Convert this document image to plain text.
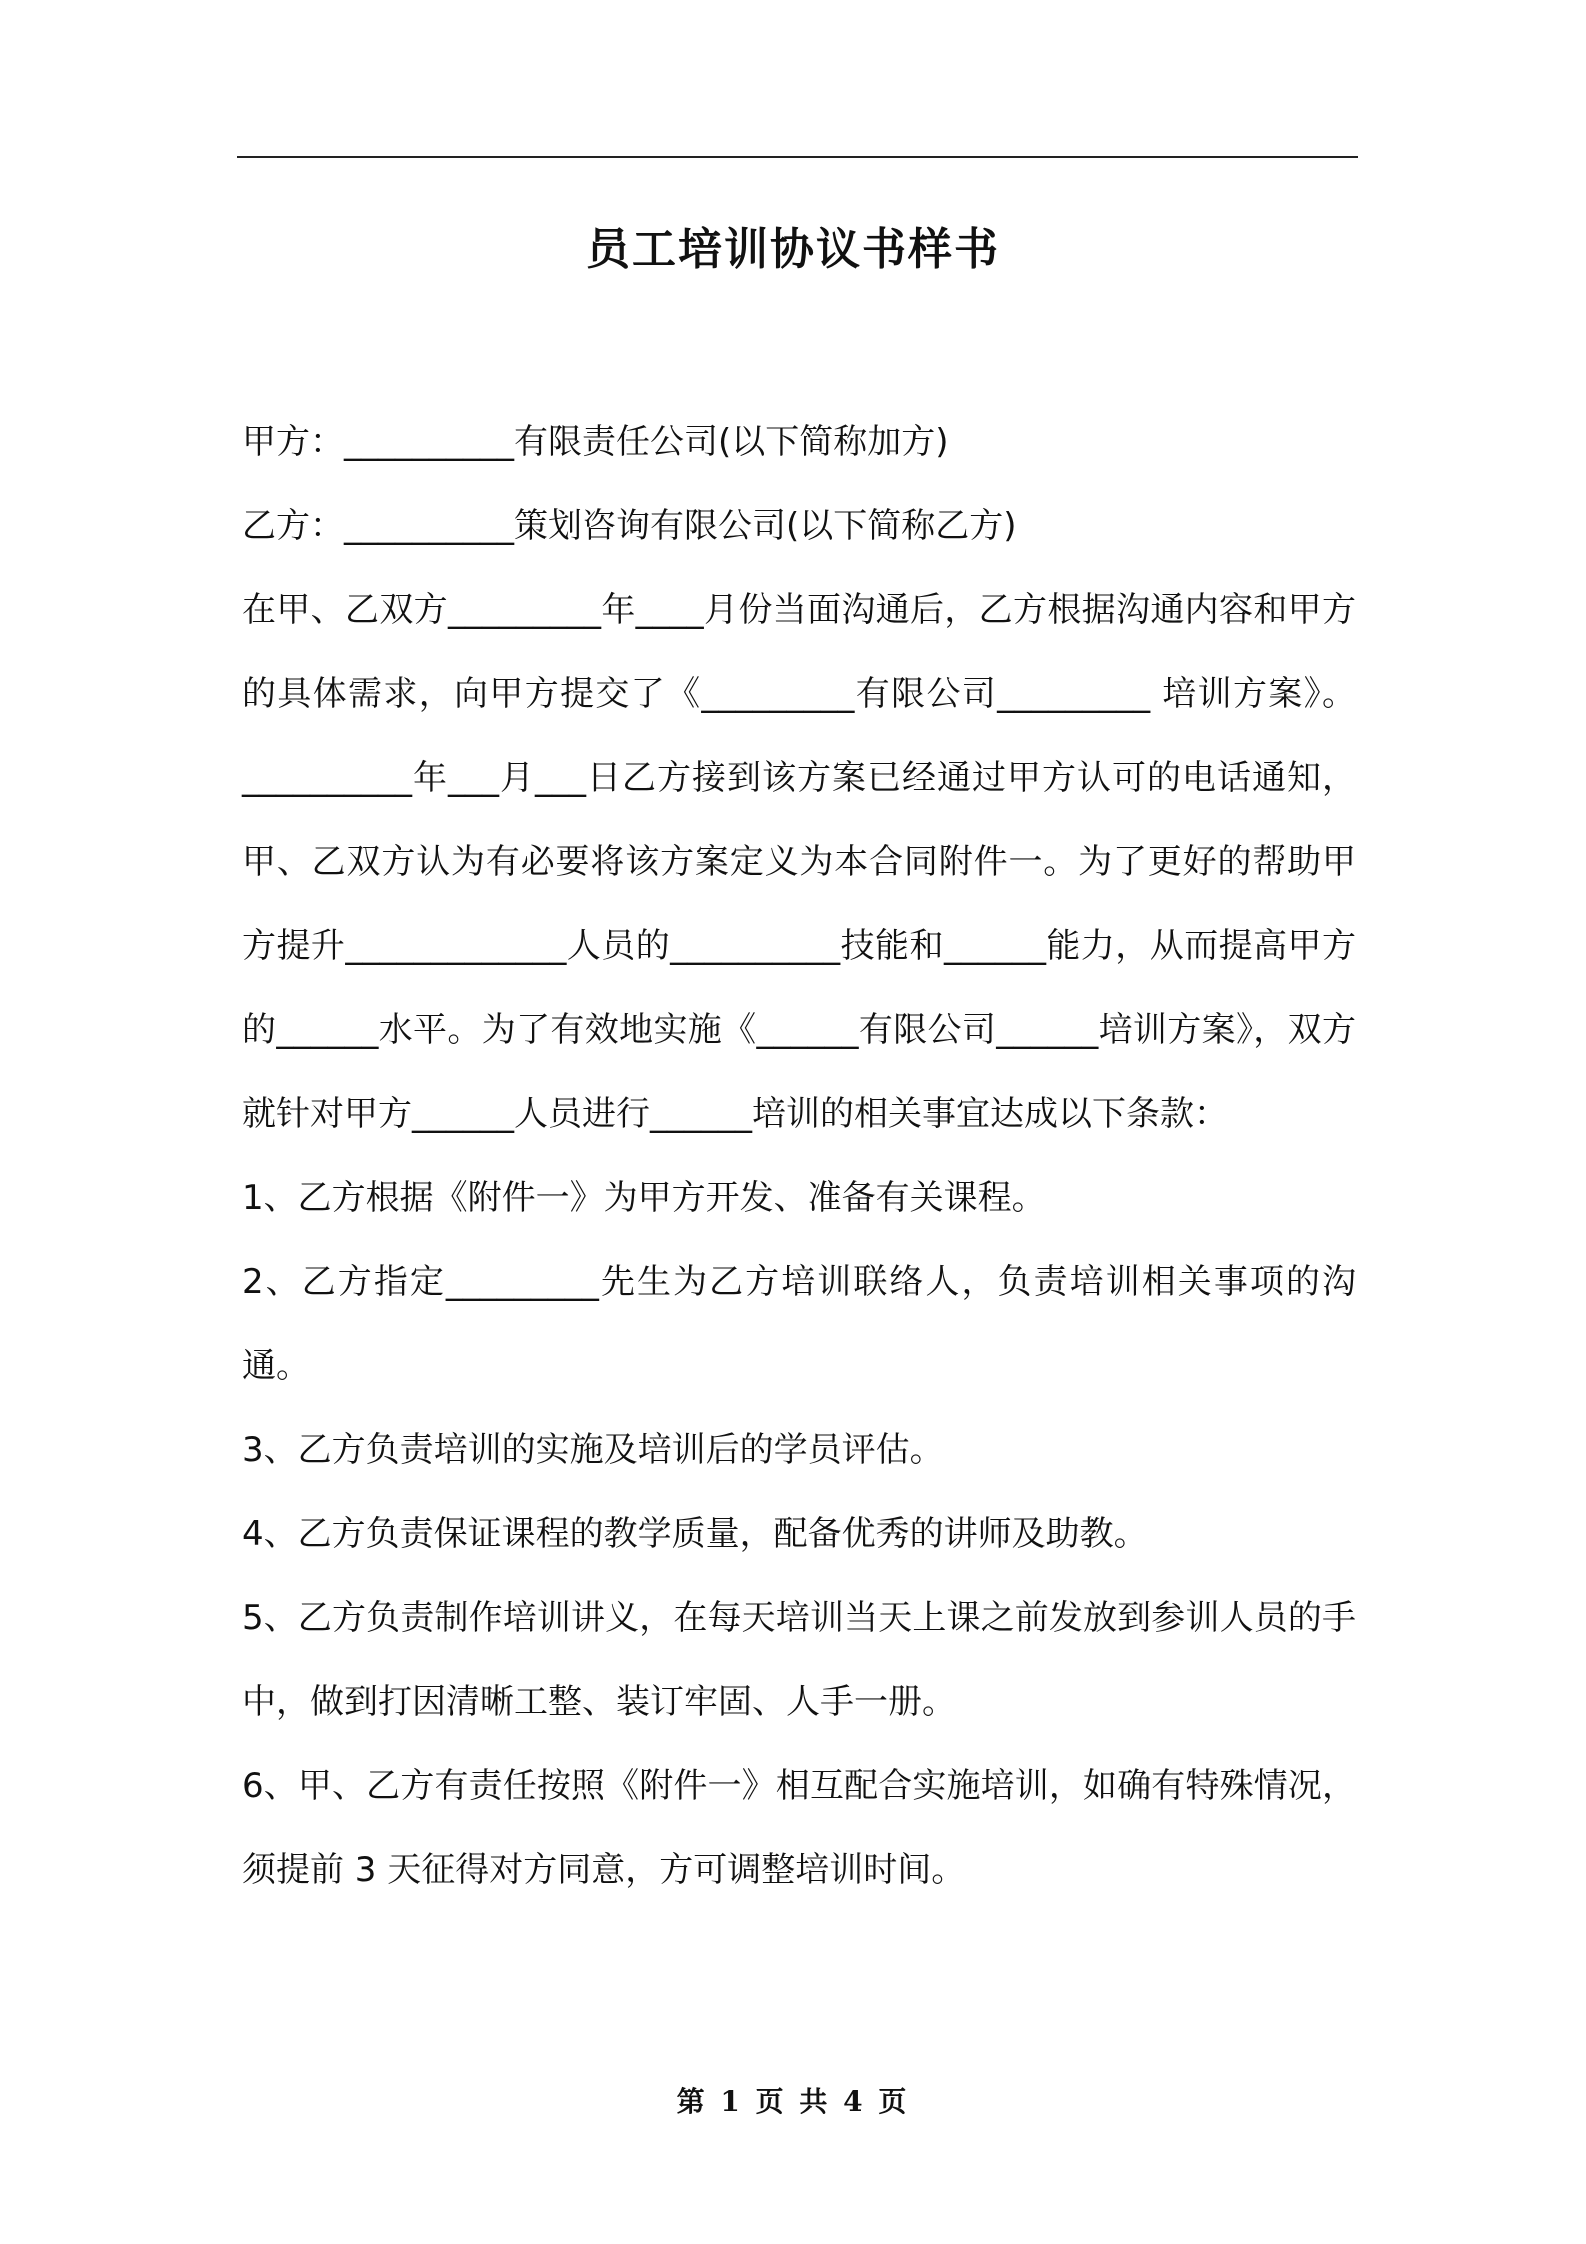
员工培训协议书样书

甲方：__________有限责任公司(以下简称加方)

乙方：__________策划咨询有限公司(以下简称乙方)

在甲、乙双方_________年____月份当面沟通后，乙方根据沟通内容和甲方的具体需求，向甲方提交了《_________有限公司_________ 培训方案》。__________年___月___日乙方接到该方案已经通过甲方认可的电话通知，甲、乙双方认为有必要将该方案定义为本合同附件一。为了更好的帮助甲方提升_____________人员的__________技能和______能力，从而提高甲方的______水平。为了有效地实施《______有限公司______培训方案》，双方就针对甲方______人员进行______培训的相关事宜达成以下条款：

1、乙方根据《附件一》为甲方开发、准备有关课程。

2、乙方指定_________先生为乙方培训联络人，负责培训相关事项的沟通。

3、乙方负责培训的实施及培训后的学员评估。

4、乙方负责保证课程的教学质量，配备优秀的讲师及助教。

5、乙方负责制作培训讲义，在每天培训当天上课之前发放到参训人员的手中，做到打因清晰工整、装订牢固、人手一册。

6、甲、乙方有责任按照《附件一》相互配合实施培训，如确有特殊情况，须提前 3 天征得对方同意，方可调整培训时间。

第 1 页 共 4 页
